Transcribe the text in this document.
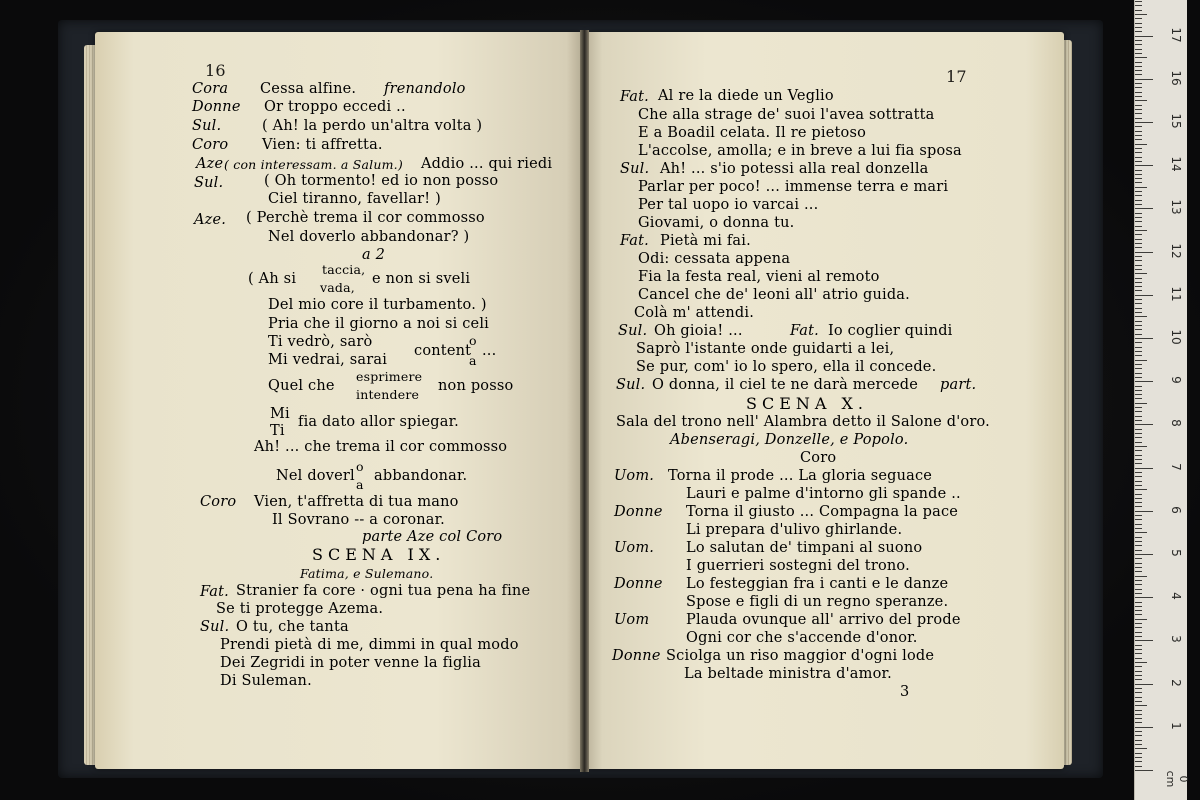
16	17
Cora Cessa alfine. frenandolo
Donne Or troppo eccedi ..
Sul.	( Ah! la perdo un'altra volta )
Coro Vien: ti affretta.
Aze ( con interessam. a Salum.) Addio ... qui riedi
Sul.	( Oh tormento! ed io non posso
Ciel tiranno, favellar! )
Aze. ( Perchè trema il cor commosso
Nel doverlo abbandonar? )
a 2
( Ah si
taccia,
vada,
e non si sveli
Del mio core il turbamento. )
Pria che il giorno a noi si celi
Ti vedrò, sarò
Mi vedrai, sarai
content
o
a
...
Quel che
esprimere
intendere
non posso
Mi
Ti
fia dato allor spiegar.
Ah! ... che trema il cor commosso
Nel doverl
o
a
abbandonar.
Coro Vien, t'affretta di tua mano
Il Sovrano -- a coronar.
parte Aze col Coro
SCENA IX.
Fatima, e Sulemano.
Fat. Stranier fa core · ogni tua pena ha fine
Se ti protegge Azema.
Sul. O tu, che tanta
Prendi pietà di me, dimmi in qual modo
Dei Zegridi in poter venne la figlia
Di Suleman.
Fat. Al re la diede un Veglio
Che alla strage de' suoi l'avea sottratta
E a Boadil celata. Il re pietoso
L'accolse, amolla; e in breve a lui fia sposa
Sul. Ah! ... s'io potessi alla real donzella
Parlar per poco! ... immense terra e mari
Per tal uopo io varcai ...
Giovami, o donna tu.
Fat. Pietà mi fai.
Odi: cessata appena
Fia la festa real, vieni al remoto
Cancel che de' leoni all' atrio guida.
Colà m' attendi.
Sul. Oh gioia! ...	Fat. Io coglier quindi
Saprò l'istante onde guidarti a lei,
Se pur, com' io lo spero, ella il concede.
Sul. O donna, il ciel te ne darà mercede part.
SCENA X.
Sala del trono nell' Alambra detto il Salone d'oro.
Abenseragi, Donzelle, e Popolo.
Coro
Uom. Torna il prode ... La gloria seguace
Lauri e palme d'intorno gli spande ..
Donne Torna il giusto ... Compagna la pace
Li prepara d'ulivo ghirlande.
Uom. Lo salutan de' timpani al suono
I guerrieri sostegni del trono.
Donne Lo festeggian fra i canti e le danze
Spose e figli di un regno speranze.
Uom	Plauda ovunque all' arrivo del prode
Ogni cor che s'accende d'onor.
Donne Sciolga un riso maggior d'ogni lode
La beltade ministra d'amor.
3
17
16
15
14
13
12
11
10
9
8
7
6
5
4
3
2
1
0 cm
